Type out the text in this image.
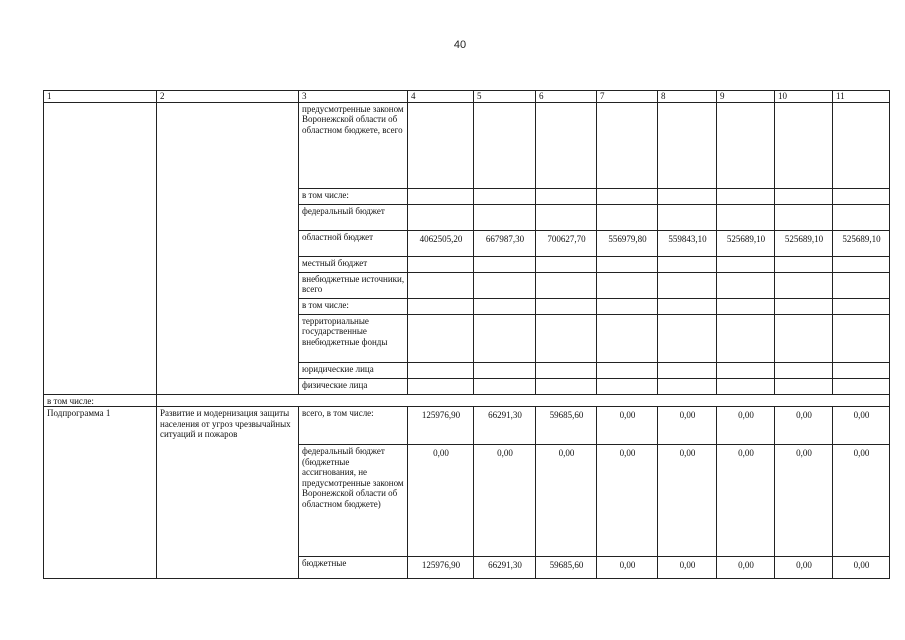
40
1	2	3	4	5	6	7	8	9	10	11
		предусмотренные законом Воронежской области об областном бюджете, всего								
		в том числе:								
		федеральный бюджет								
		областной бюджет	4062505,20	667987,30	700627,70	556979,80	559843,10	525689,10	525689,10	525689,10
		местный бюджет								
		внебюджетные источники, всего								
		в том числе:								
		территориальные государственные внебюджетные фонды								
		юридические лица								
		физические лица								
в том числе:										
Подпрограмма 1	Развитие и модернизация защиты населения от угроз чрезвычайных ситуаций и пожаров	всего, в том числе:	125976,90	66291,30	59685,60	0,00	0,00	0,00	0,00	0,00
		федеральный бюджет (бюджетные ассигнования, не предусмотренные законом Воронежской области об областном бюджете)	0,00	0,00	0,00	0,00	0,00	0,00	0,00	0,00
		бюджетные	125976,90	66291,30	59685,60	0,00	0,00	0,00	0,00	0,00
